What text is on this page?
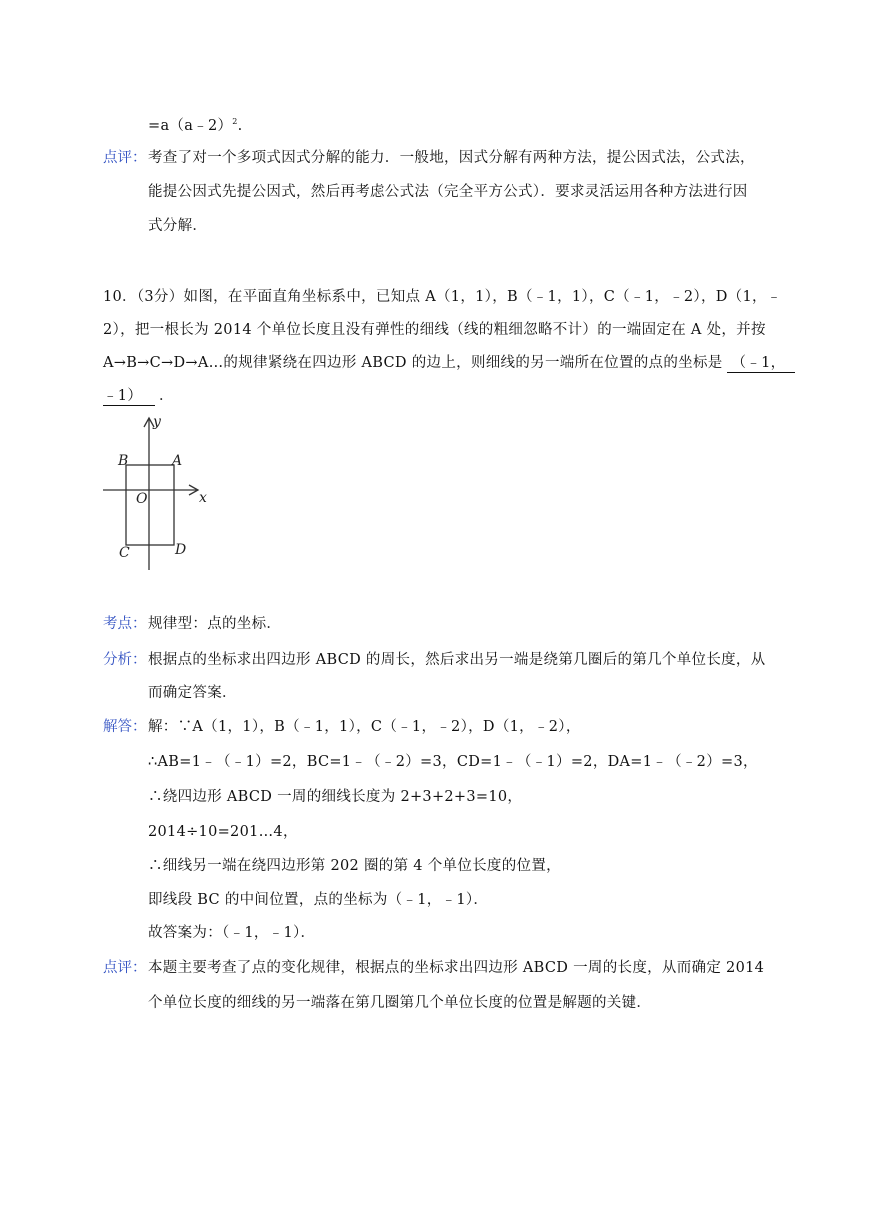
=a（a﹣2）$^2$.
点评： 考查了对一个多项式因式分解的能力．一般地，因式分解有两种方法，提公因式法，公式法，
能提公因式先提公因式，然后再考虑公式法（完全平方公式）．要求灵活运用各种方法进行因
式分解．
10．（3分）如图，在平面直角坐标系中，已知点 A（1，1），B（﹣1，1），C（﹣1，﹣2），D（1，﹣
2），把一根长为 2014 个单位长度且没有弹性的细线（线的粗细忽略不计）的一端固定在 A 处，并按
A→B→C→D→A…的规律紧绕在四边形 ABCD 的边上，则细线的另一端所在位置的点的坐标是 （﹣1，
﹣1） ．
y
x
O
A
B
C	D
考点： 规律型：点的坐标．
分析： 根据点的坐标求出四边形 ABCD 的周长，然后求出另一端是绕第几圈后的第几个单位长度，从
而确定答案．
解答： 解：∵A（1，1），B（﹣1，1），C（﹣1，﹣2），D（1，﹣2），
∴AB=1﹣（﹣1）=2，BC=1﹣（﹣2）=3，CD=1﹣（﹣1）=2，DA=1﹣（﹣2）=3，
∴绕四边形 ABCD 一周的细线长度为 2+3+2+3=10，
2014÷10=201…4，
∴细线另一端在绕四边形第 202 圈的第 4 个单位长度的位置，
即线段 BC 的中间位置，点的坐标为（﹣1，﹣1）．
故答案为：（﹣1，﹣1）．
点评： 本题主要考查了点的变化规律，根据点的坐标求出四边形 ABCD 一周的长度，从而确定 2014
个单位长度的细线的另一端落在第几圈第几个单位长度的位置是解题的关键．
